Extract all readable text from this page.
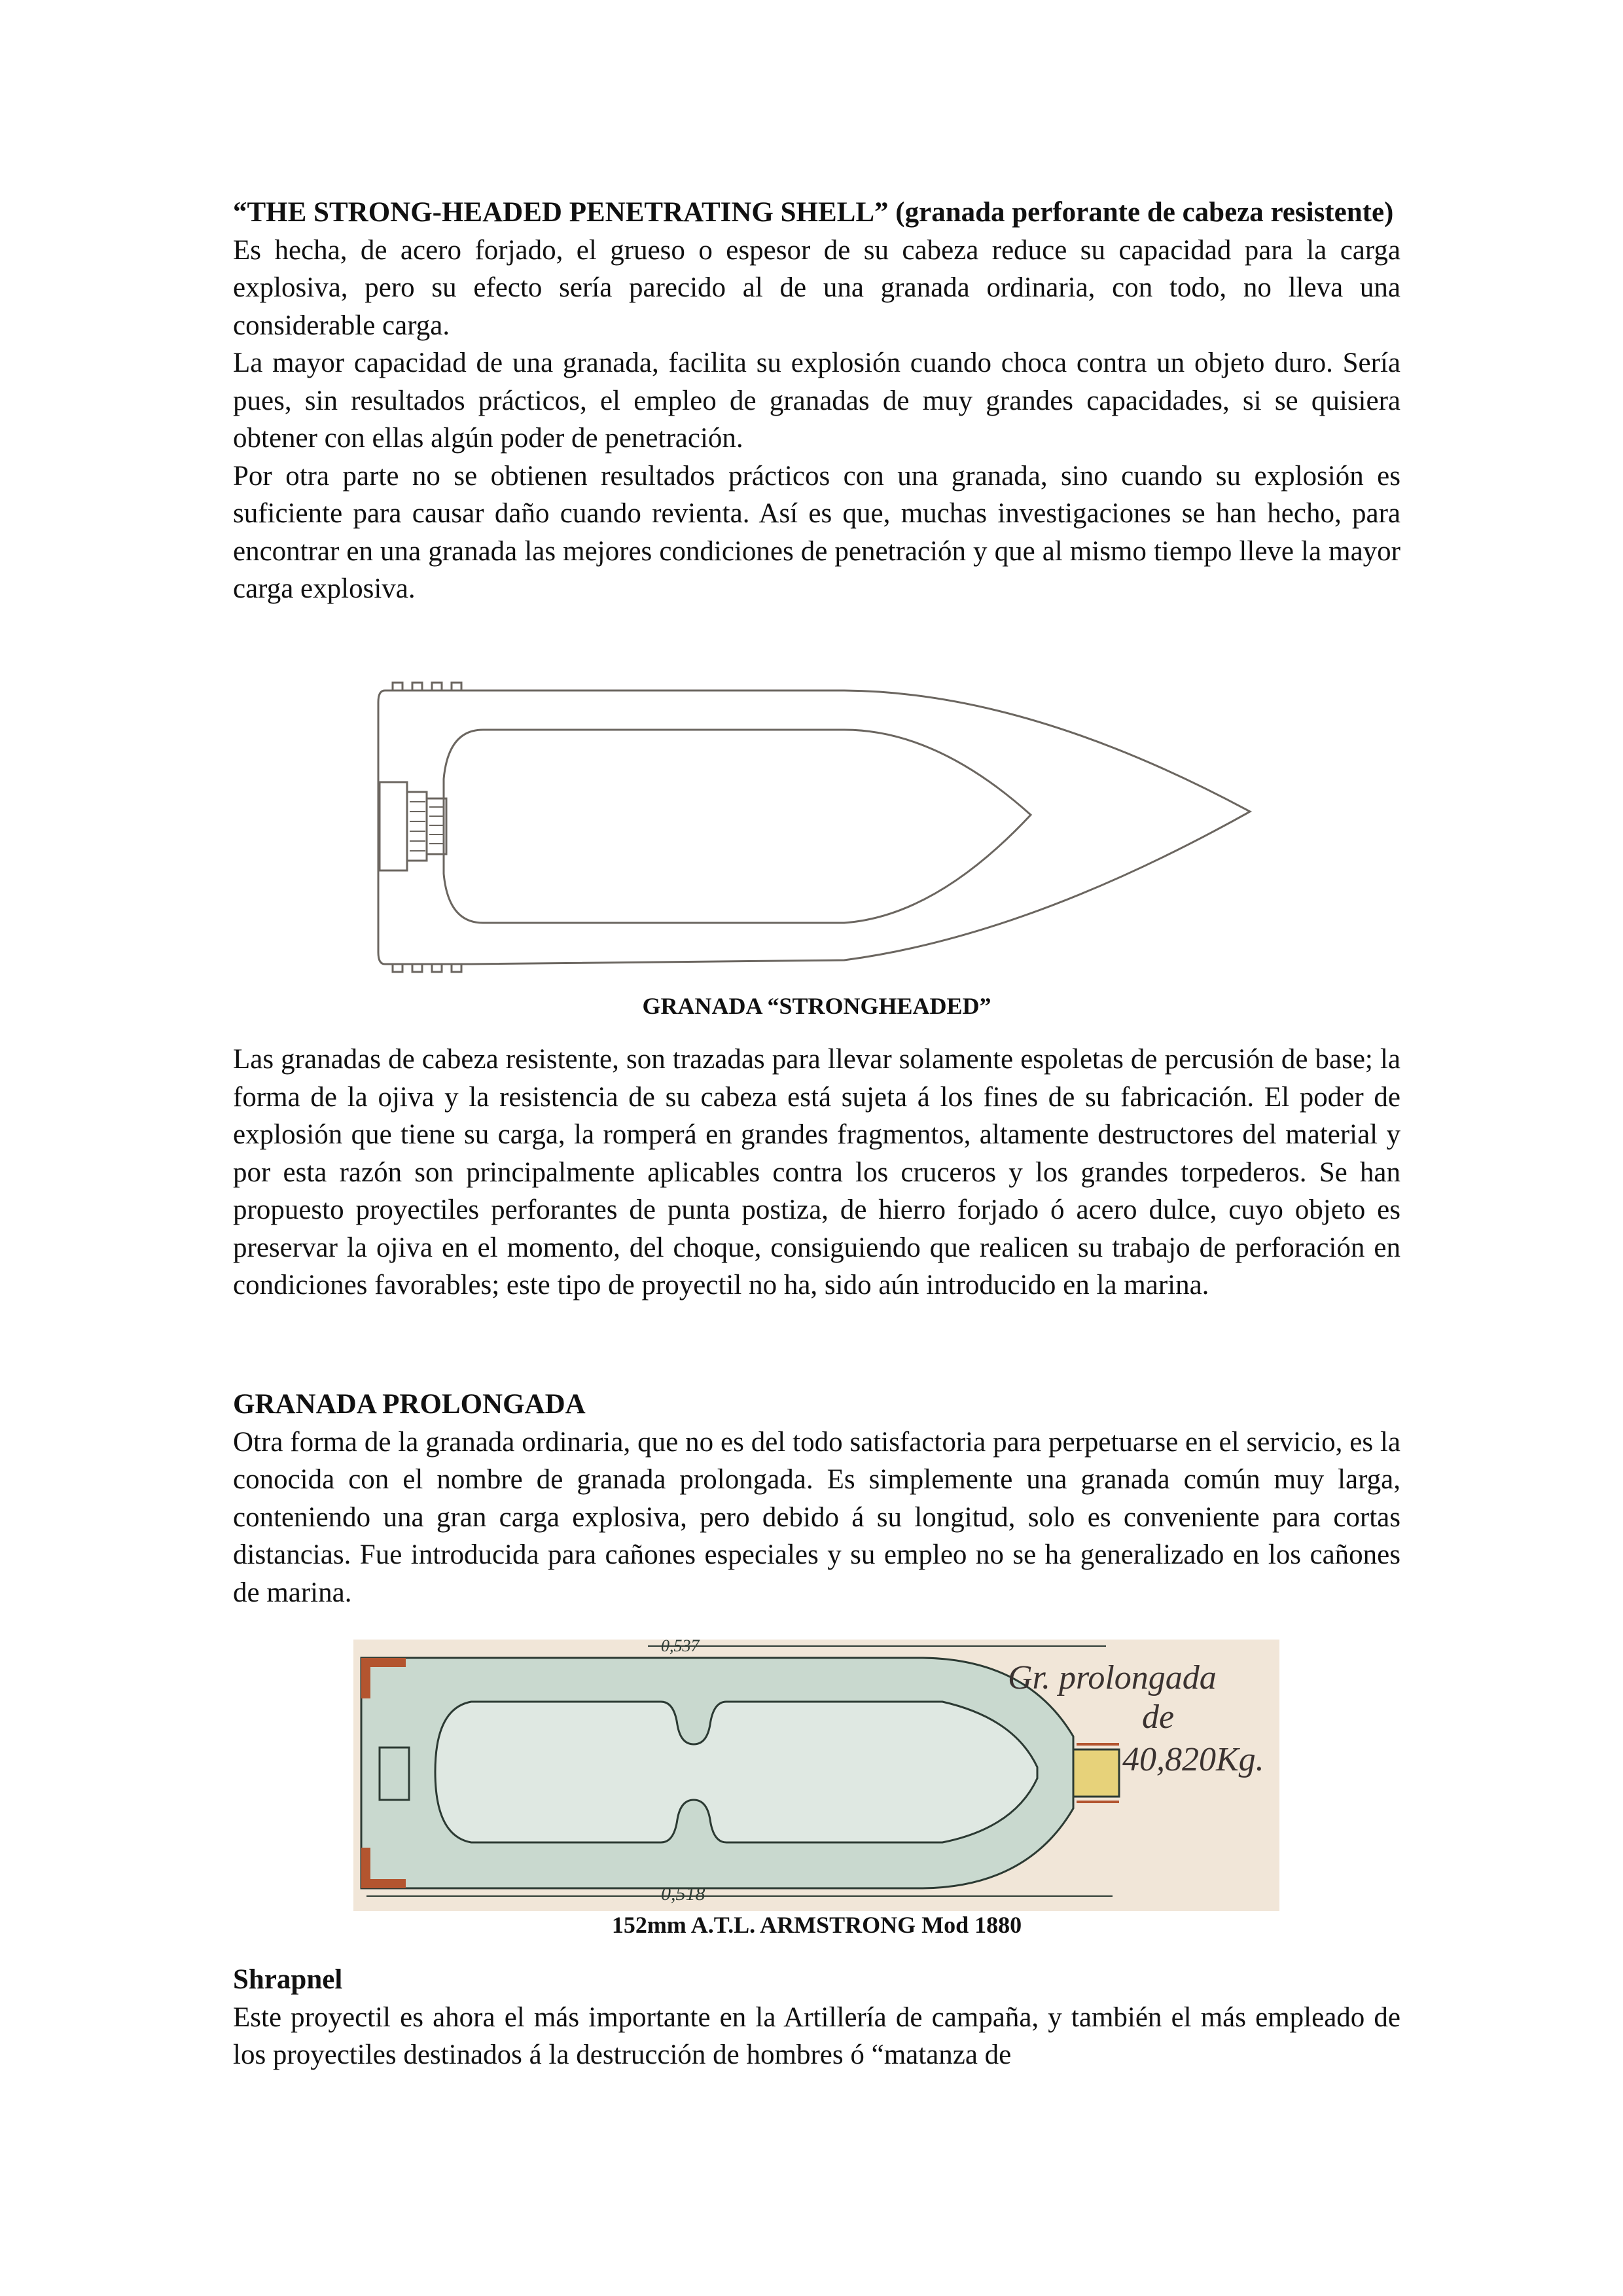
“THE STRONG-HEADED PENETRATING SHELL” (granada perforante de cabeza resistente)

Es hecha, de acero forjado, el grueso o espesor de su cabeza reduce su capacidad para la carga explosiva, pero su efecto sería parecido al de una granada ordinaria, con todo, no lleva una considerable carga.

La mayor capacidad de una granada, facilita su explosión cuando choca contra un objeto duro. Sería pues, sin resultados prácticos, el empleo de granadas de muy grandes capacidades, si se quisiera obtener con ellas algún poder de penetración.

Por otra parte no se obtienen resultados prácticos con una granada, sino cuando su explosión es suficiente para causar daño cuando revienta. Así es que, muchas investigaciones se han hecho, para encontrar en una granada las mejores condiciones de penetración y que al mismo tiempo lleve la mayor carga explosiva.

GRANADA “STRONGHEADED”

Las granadas de cabeza resistente, son trazadas para llevar solamente espoletas de percusión de base; la forma de la ojiva y la resistencia de su cabeza está sujeta á los fines de su fabricación. El poder de explosión que tiene su carga, la romperá en grandes fragmentos, altamente destructores del material y por esta razón son principalmente aplicables contra los cruceros y los grandes torpederos. Se han propuesto proyectiles perforantes de punta postiza, de hierro forjado ó acero dulce, cuyo objeto es preservar la ojiva en el momento, del choque, consiguiendo que realicen su trabajo de perforación en condiciones favorables; este tipo de proyectil no ha, sido aún introducido en la marina.

GRANADA PROLONGADA

Otra forma de la granada ordinaria, que no es del todo satisfactoria para perpetuarse en el servicio, es la conocida con el nombre de granada prolongada. Es simplemente una granada común muy larga, conteniendo una gran carga explosiva, pero debido á su longitud, solo es conveniente para cortas distancias. Fue introducida para cañones especiales y su empleo no se ha generalizado en los cañones de marina.

0,518
0,537
Gr. prolongada
de
40,820Kg.
152mm A.T.L. ARMSTRONG Mod 1880

Shrapnel

Este proyectil es ahora el más importante en la Artillería de campaña, y también el más empleado de los proyectiles destinados á la destrucción de hombres ó “matanza de
